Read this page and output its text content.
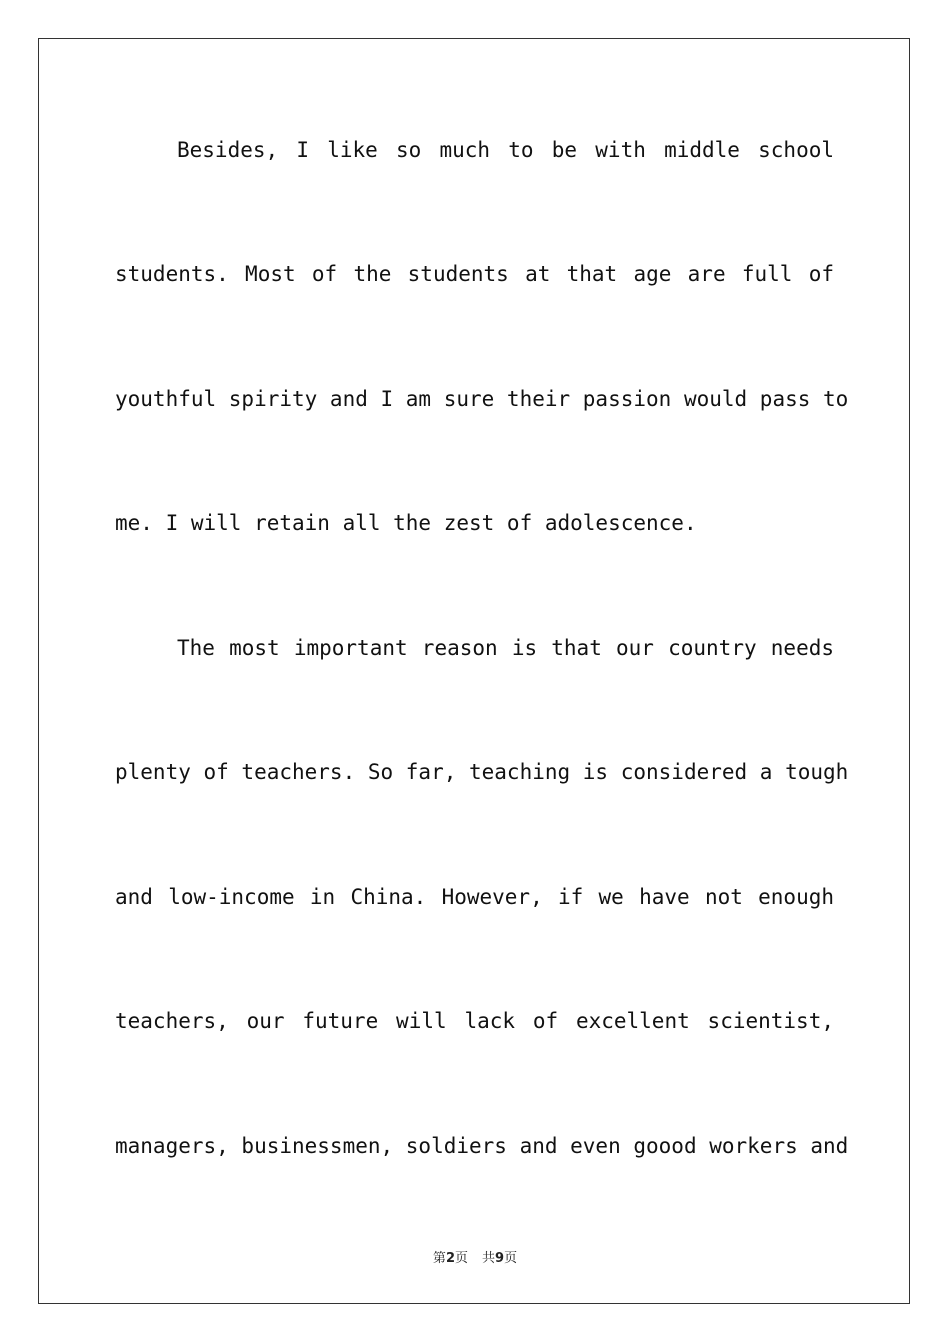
Besides, I like so much to be with middle school
students. Most of the students at that age are full of
youthful spirity and I am sure their passion would pass to
me. I will retain all the zest of adolescence.
The most important reason is that our country needs
plenty of teachers. So far, teaching is considered a tough
and low-income in China. However, if we have not enough
teachers, our future will lack of excellent scientist,
managers, businessmen, soldiers and even goood workers and
第2页 共9页
